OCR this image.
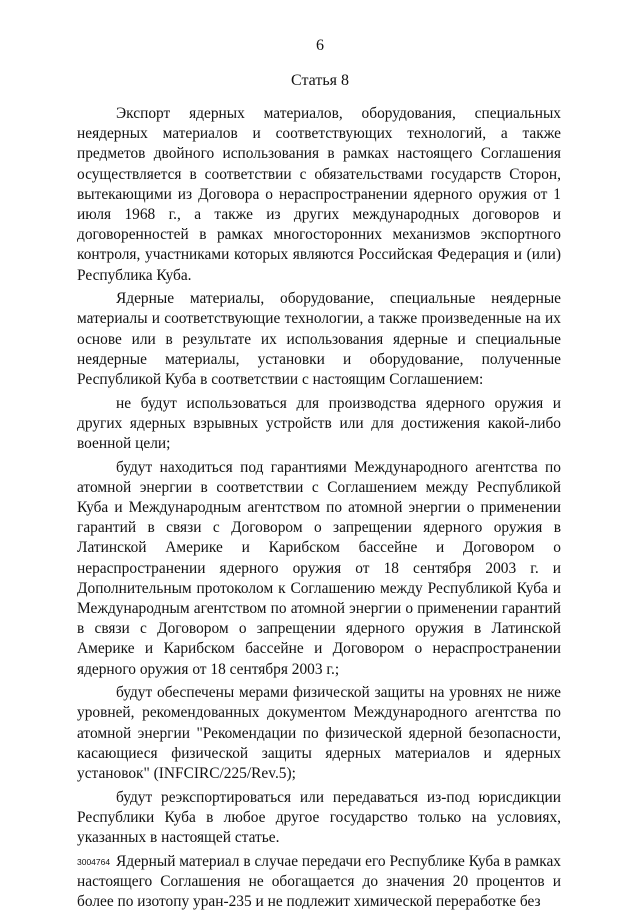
6
Статья 8

Экспорт ядерных материалов, оборудования, специальных неядерных материалов и соответствующих технологий, а также предметов двойного использования в рамках настоящего Соглашения осуществляется в соответствии с обязательствами государств Сторон, вытекающими из Договора о нераспространении ядерного оружия от 1 июля 1968 г., а также из других международных договоров и договоренностей в рамках многосторонних механизмов экспортного контроля, участниками которых являются Российская Федерация и (или) Республика Куба.

Ядерные материалы, оборудование, специальные неядерные материалы и соответствующие технологии, а также произведенные на их основе или в результате их использования ядерные и специальные неядерные материалы, установки и оборудование, полученные Республикой Куба в соответствии с настоящим Соглашением:

не будут использоваться для производства ядерного оружия и других ядерных взрывных устройств или для достижения какой-либо военной цели;

будут находиться под гарантиями Международного агентства по атомной энергии в соответствии с Соглашением между Республикой Куба и Международным агентством по атомной энергии о применении гарантий в связи с Договором о запрещении ядерного оружия в Латинской Америке и Карибском бассейне и Договором о нераспространении ядерного оружия от 18 сентября 2003 г. и Дополнительным протоколом к Соглашению между Республикой Куба и Международным агентством по атомной энергии о применении гарантий в связи с Договором о запрещении ядерного оружия в Латинской Америке и Карибском бассейне и Договором о нераспространении ядерного оружия от 18 сентября 2003 г.;

будут обеспечены мерами физической защиты на уровнях не ниже уровней, рекомендованных документом Международного агентства по атомной энергии "Рекомендации по физической ядерной безопасности, касающиеся физической защиты ядерных материалов и ядерных установок" (INFCIRC/225/Rev.5);

будут реэкспортироваться или передаваться из-под юрисдикции Республики Куба в любое другое государство только на условиях, указанных в настоящей статье.

Ядерный материал в случае передачи его Республике Куба в рамках настоящего Соглашения не обогащается до значения 20 процентов и более по изотопу уран-235 и не подлежит химической переработке без

3004764
